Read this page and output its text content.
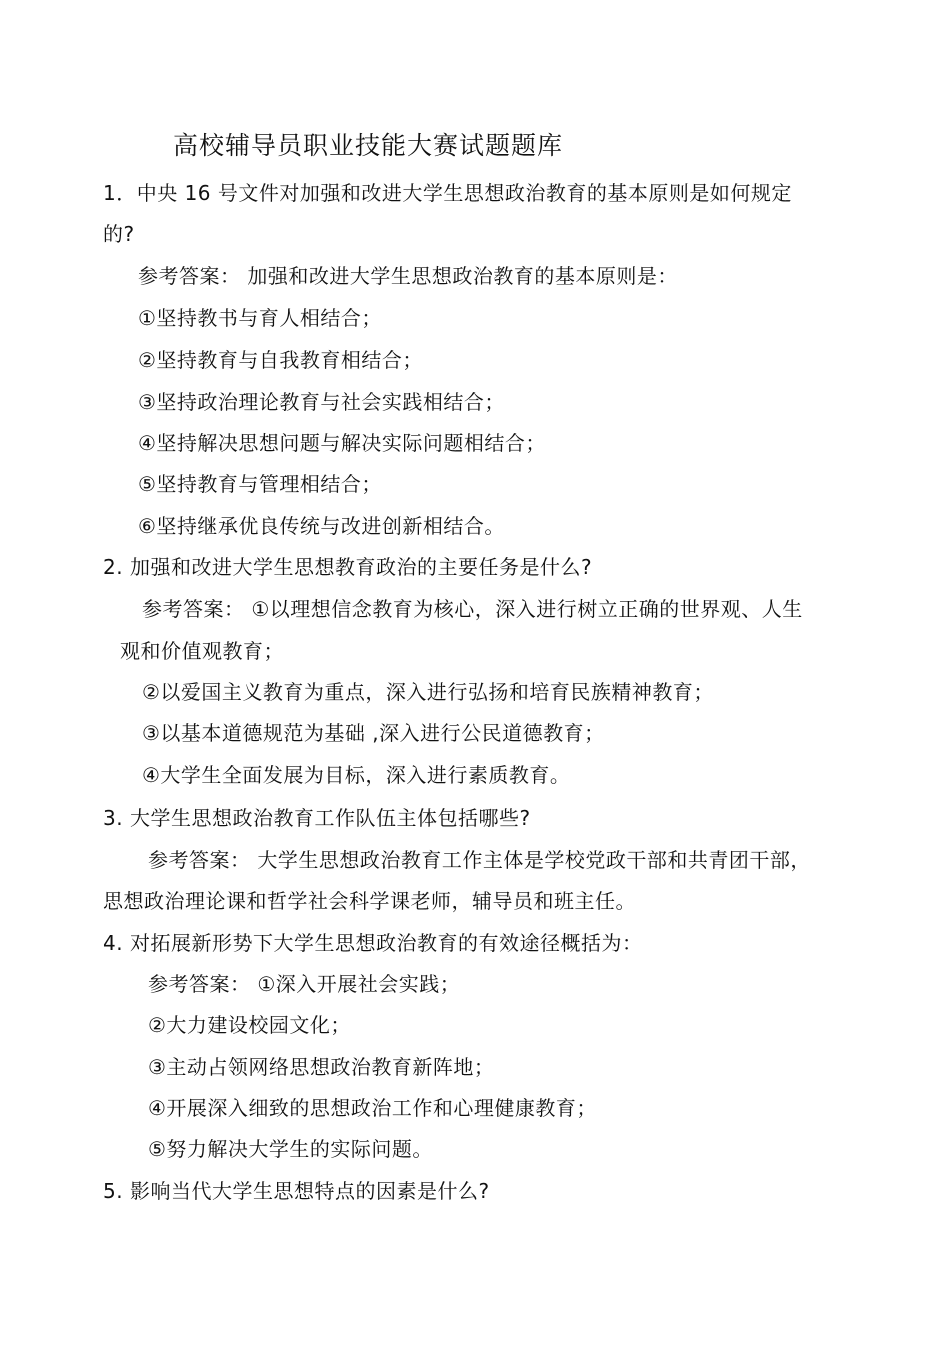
高校辅导员职业技能大赛试题题库
1．中央 16 号文件对加强和改进大学生思想政治教育的基本原则是如何规定
的?
参考答案： 加强和改进大学生思想政治教育的基本原则是：
①坚持教书与育人相结合；
②坚持教育与自我教育相结合；
③坚持政治理论教育与社会实践相结合；
④坚持解决思想问题与解决实际问题相结合；
⑤坚持教育与管理相结合；
⑥坚持继承优良传统与改进创新相结合。
2. 加强和改进大学生思想教育政治的主要任务是什么?
参考答案： ①以理想信念教育为核心，深入进行树立正确的世界观、人生
观和价值观教育；
②以爱国主义教育为重点，深入进行弘扬和培育民族精神教育；
③以基本道德规范为基础 ,深入进行公民道德教育；
④大学生全面发展为目标，深入进行素质教育。
3. 大学生思想政治教育工作队伍主体包括哪些?
参考答案： 大学生思想政治教育工作主体是学校党政干部和共青团干部，
思想政治理论课和哲学社会科学课老师，辅导员和班主任。
4. 对拓展新形势下大学生思想政治教育的有效途径概括为：
参考答案： ①深入开展社会实践；
②大力建设校园文化；
③主动占领网络思想政治教育新阵地；
④开展深入细致的思想政治工作和心理健康教育；
⑤努力解决大学生的实际问题。
5. 影响当代大学生思想特点的因素是什么?
